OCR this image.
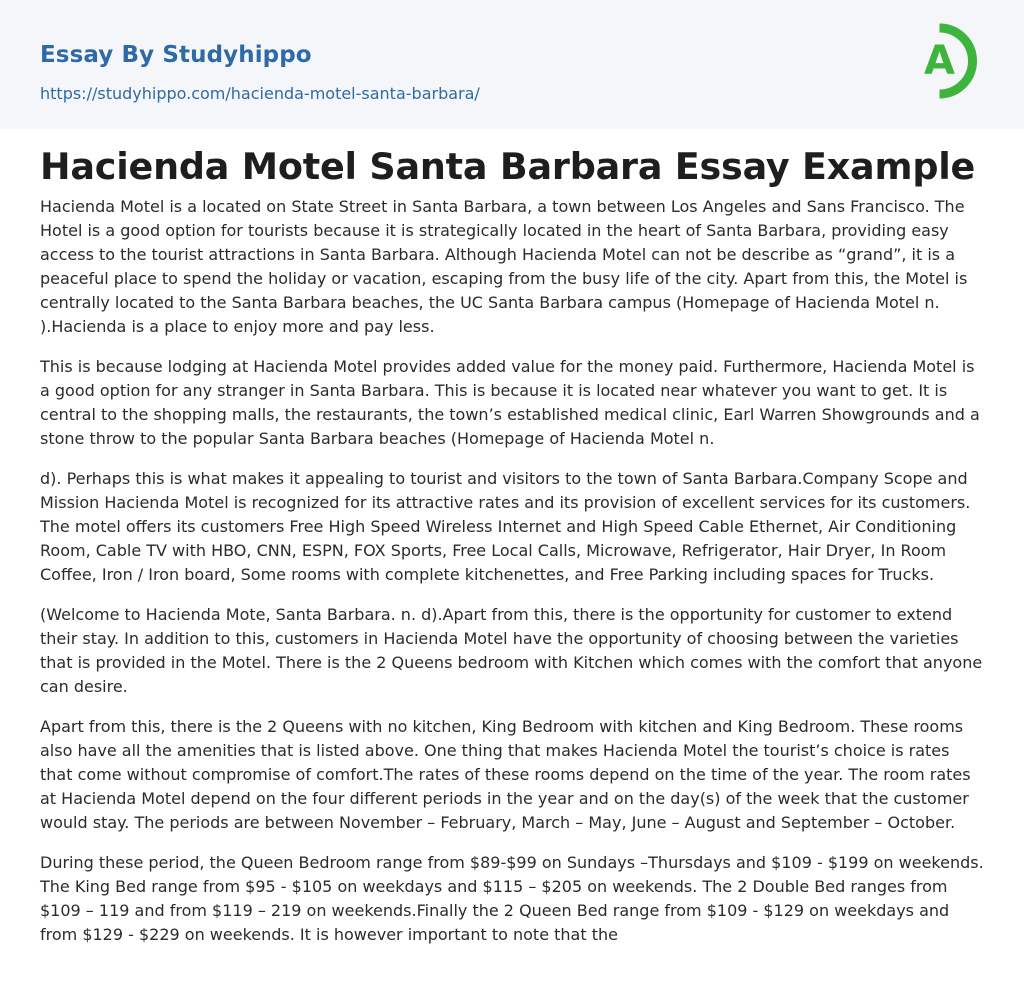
Essay By Studyhippo
https://studyhippo.com/hacienda-motel-santa-barbara/
A
Hacienda Motel Santa Barbara Essay Example

Hacienda Motel is a located on State Street in Santa Barbara, a town between Los Angeles and Sans Francisco. The Hotel is a good option for tourists because it is strategically located in the heart of Santa Barbara, providing easy access to the tourist attractions in Santa Barbara. Although Hacienda Motel can not be describe as “grand”, it is a peaceful place to spend the holiday or vacation, escaping from the busy life of the city. Apart from this, the Motel is centrally located to the Santa Barbara beaches, the UC Santa Barbara campus (Homepage of Hacienda Motel n. ).Hacienda is a place to enjoy more and pay less.

This is because lodging at Hacienda Motel provides added value for the money paid. Furthermore, Hacienda Motel is a good option for any stranger in Santa Barbara. This is because it is located near whatever you want to get. It is central to the shopping malls, the restaurants, the town’s established medical clinic, Earl Warren Showgrounds and a stone throw to the popular Santa Barbara beaches (Homepage of Hacienda Motel n.

d). Perhaps this is what makes it appealing to tourist and visitors to the town of Santa Barbara.Company Scope and Mission Hacienda Motel is recognized for its attractive rates and its provision of excellent services for its customers. The motel offers its customers Free High Speed Wireless Internet and High Speed Cable Ethernet, Air Conditioning Room, Cable TV with HBO, CNN, ESPN, FOX Sports, Free Local Calls, Microwave, Refrigerator, Hair Dryer, In Room Coffee, Iron / Iron board, Some rooms with complete kitchenettes, and Free Parking including spaces for Trucks.

(Welcome to Hacienda Mote, Santa Barbara. n. d).Apart from this, there is the opportunity for customer to extend their stay. In addition to this, customers in Hacienda Motel have the opportunity of choosing between the varieties that is provided in the Motel. There is the 2 Queens bedroom with Kitchen which comes with the comfort that anyone can desire.

Apart from this, there is the 2 Queens with no kitchen, King Bedroom with kitchen and King Bedroom. These rooms also have all the amenities that is listed above. One thing that makes Hacienda Motel the tourist’s choice is rates that come without compromise of comfort.The rates of these rooms depend on the time of the year. The room rates at Hacienda Motel depend on the four different periods in the year and on the day(s) of the week that the customer would stay. The periods are between November – February, March – May, June – August and September – October.

During these period, the Queen Bedroom range from $89-$99 on Sundays –Thursdays and $109 - $199 on weekends. The King Bed range from $95 - $105 on weekdays and $115 – $205 on weekends. The 2 Double Bed ranges from $109 – 119 and from $119 – 219 on weekends.Finally the 2 Queen Bed range from $109 - $129 on weekdays and from $129 - $229 on weekends. It is however important to note that the
